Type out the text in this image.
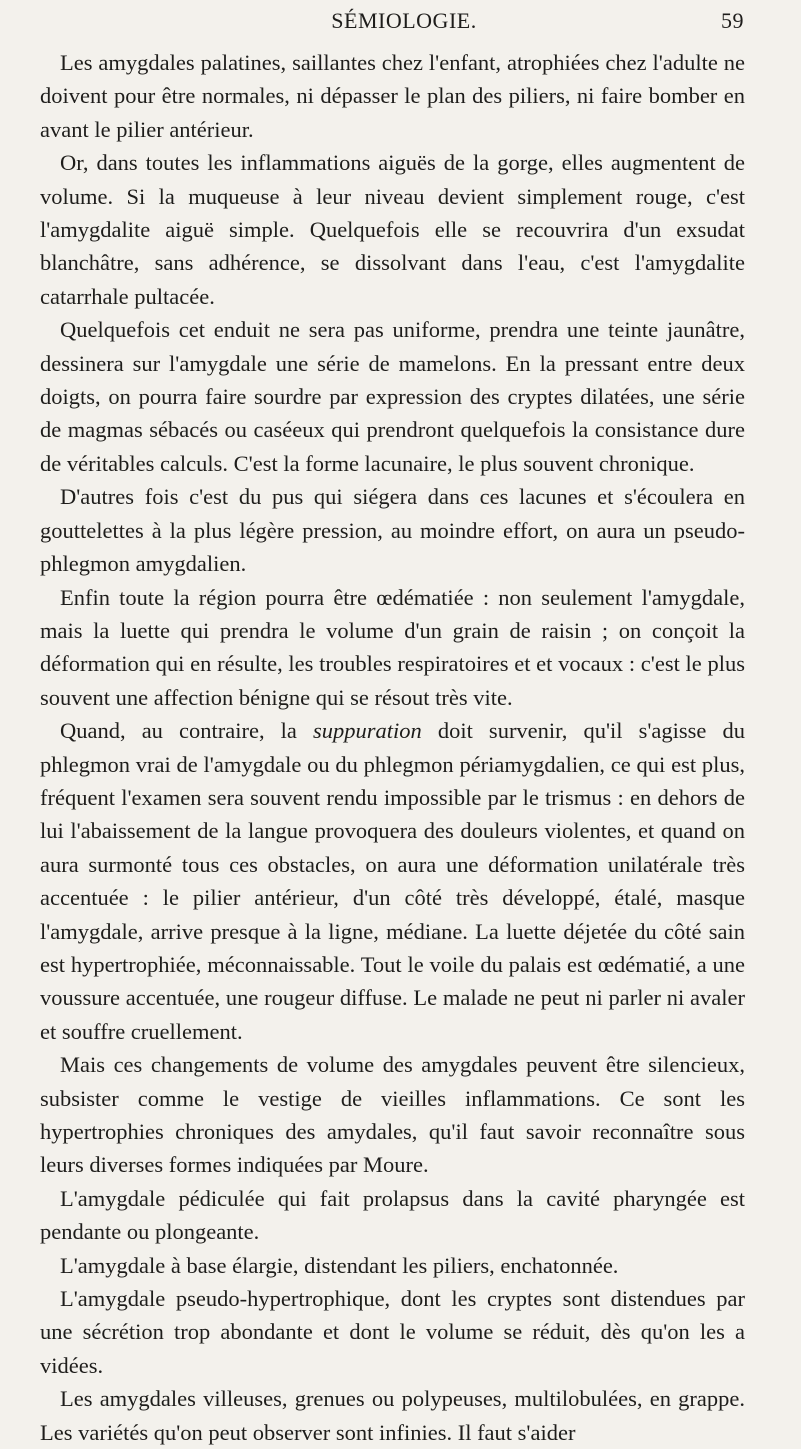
SÉMIOLOGIE.	59

Les amygdales palatines, saillantes chez l'enfant, atrophiées chez l'adulte ne doivent pour être normales, ni dépasser le plan des piliers, ni faire bomber en avant le pilier antérieur.

Or, dans toutes les inflammations aiguës de la gorge, elles augmentent de volume. Si la muqueuse à leur niveau devient simplement rouge, c'est l'amygdalite aiguë simple. Quelquefois elle se recouvrira d'un exsudat blanchâtre, sans adhérence, se dissolvant dans l'eau, c'est l'amygdalite catarrhale pultacée.

Quelquefois cet enduit ne sera pas uniforme, prendra une teinte jaunâtre, dessinera sur l'amygdale une série de mamelons. En la pressant entre deux doigts, on pourra faire sourdre par expression des cryptes dilatées, une série de magmas sébacés ou caséeux qui prendront quelquefois la consistance dure de véritables calculs. C'est la forme lacunaire, le plus souvent chronique.

D'autres fois c'est du pus qui siégera dans ces lacunes et s'écoulera en gouttelettes à la plus légère pression, au moindre effort, on aura un pseudo-phlegmon amygdalien.

Enfin toute la région pourra être œdématiée : non seulement l'amygdale, mais la luette qui prendra le volume d'un grain de raisin ; on conçoit la déformation qui en résulte, les troubles respiratoires et et vocaux : c'est le plus souvent une affection bénigne qui se résout très vite.

Quand, au contraire, la suppuration doit survenir, qu'il s'agisse du phlegmon vrai de l'amygdale ou du phlegmon périamygdalien, ce qui est plus, fréquent l'examen sera souvent rendu impossible par le trismus : en dehors de lui l'abaissement de la langue provoquera des douleurs violentes, et quand on aura surmonté tous ces obstacles, on aura une déformation unilatérale très accentuée : le pilier antérieur, d'un côté très développé, étalé, masque l'amygdale, arrive presque à la ligne, médiane. La luette déjetée du côté sain est hypertrophiée, méconnaissable. Tout le voile du palais est œdématié, a une voussure accentuée, une rougeur diffuse. Le malade ne peut ni parler ni avaler et souffre cruellement.

Mais ces changements de volume des amygdales peuvent être silencieux, subsister comme le vestige de vieilles inflammations. Ce sont les hypertrophies chroniques des amydales, qu'il faut savoir reconnaître sous leurs diverses formes indiquées par Moure.

L'amygdale pédiculée qui fait prolapsus dans la cavité pharyngée est pendante ou plongeante.

L'amygdale à base élargie, distendant les piliers, enchatonnée.

L'amygdale pseudo-hypertrophique, dont les cryptes sont distendues par une sécrétion trop abondante et dont le volume se réduit, dès qu'on les a vidées.

Les amygdales villeuses, grenues ou polypeuses, multilobulées, en grappe. Les variétés qu'on peut observer sont infinies. Il faut s'aider
